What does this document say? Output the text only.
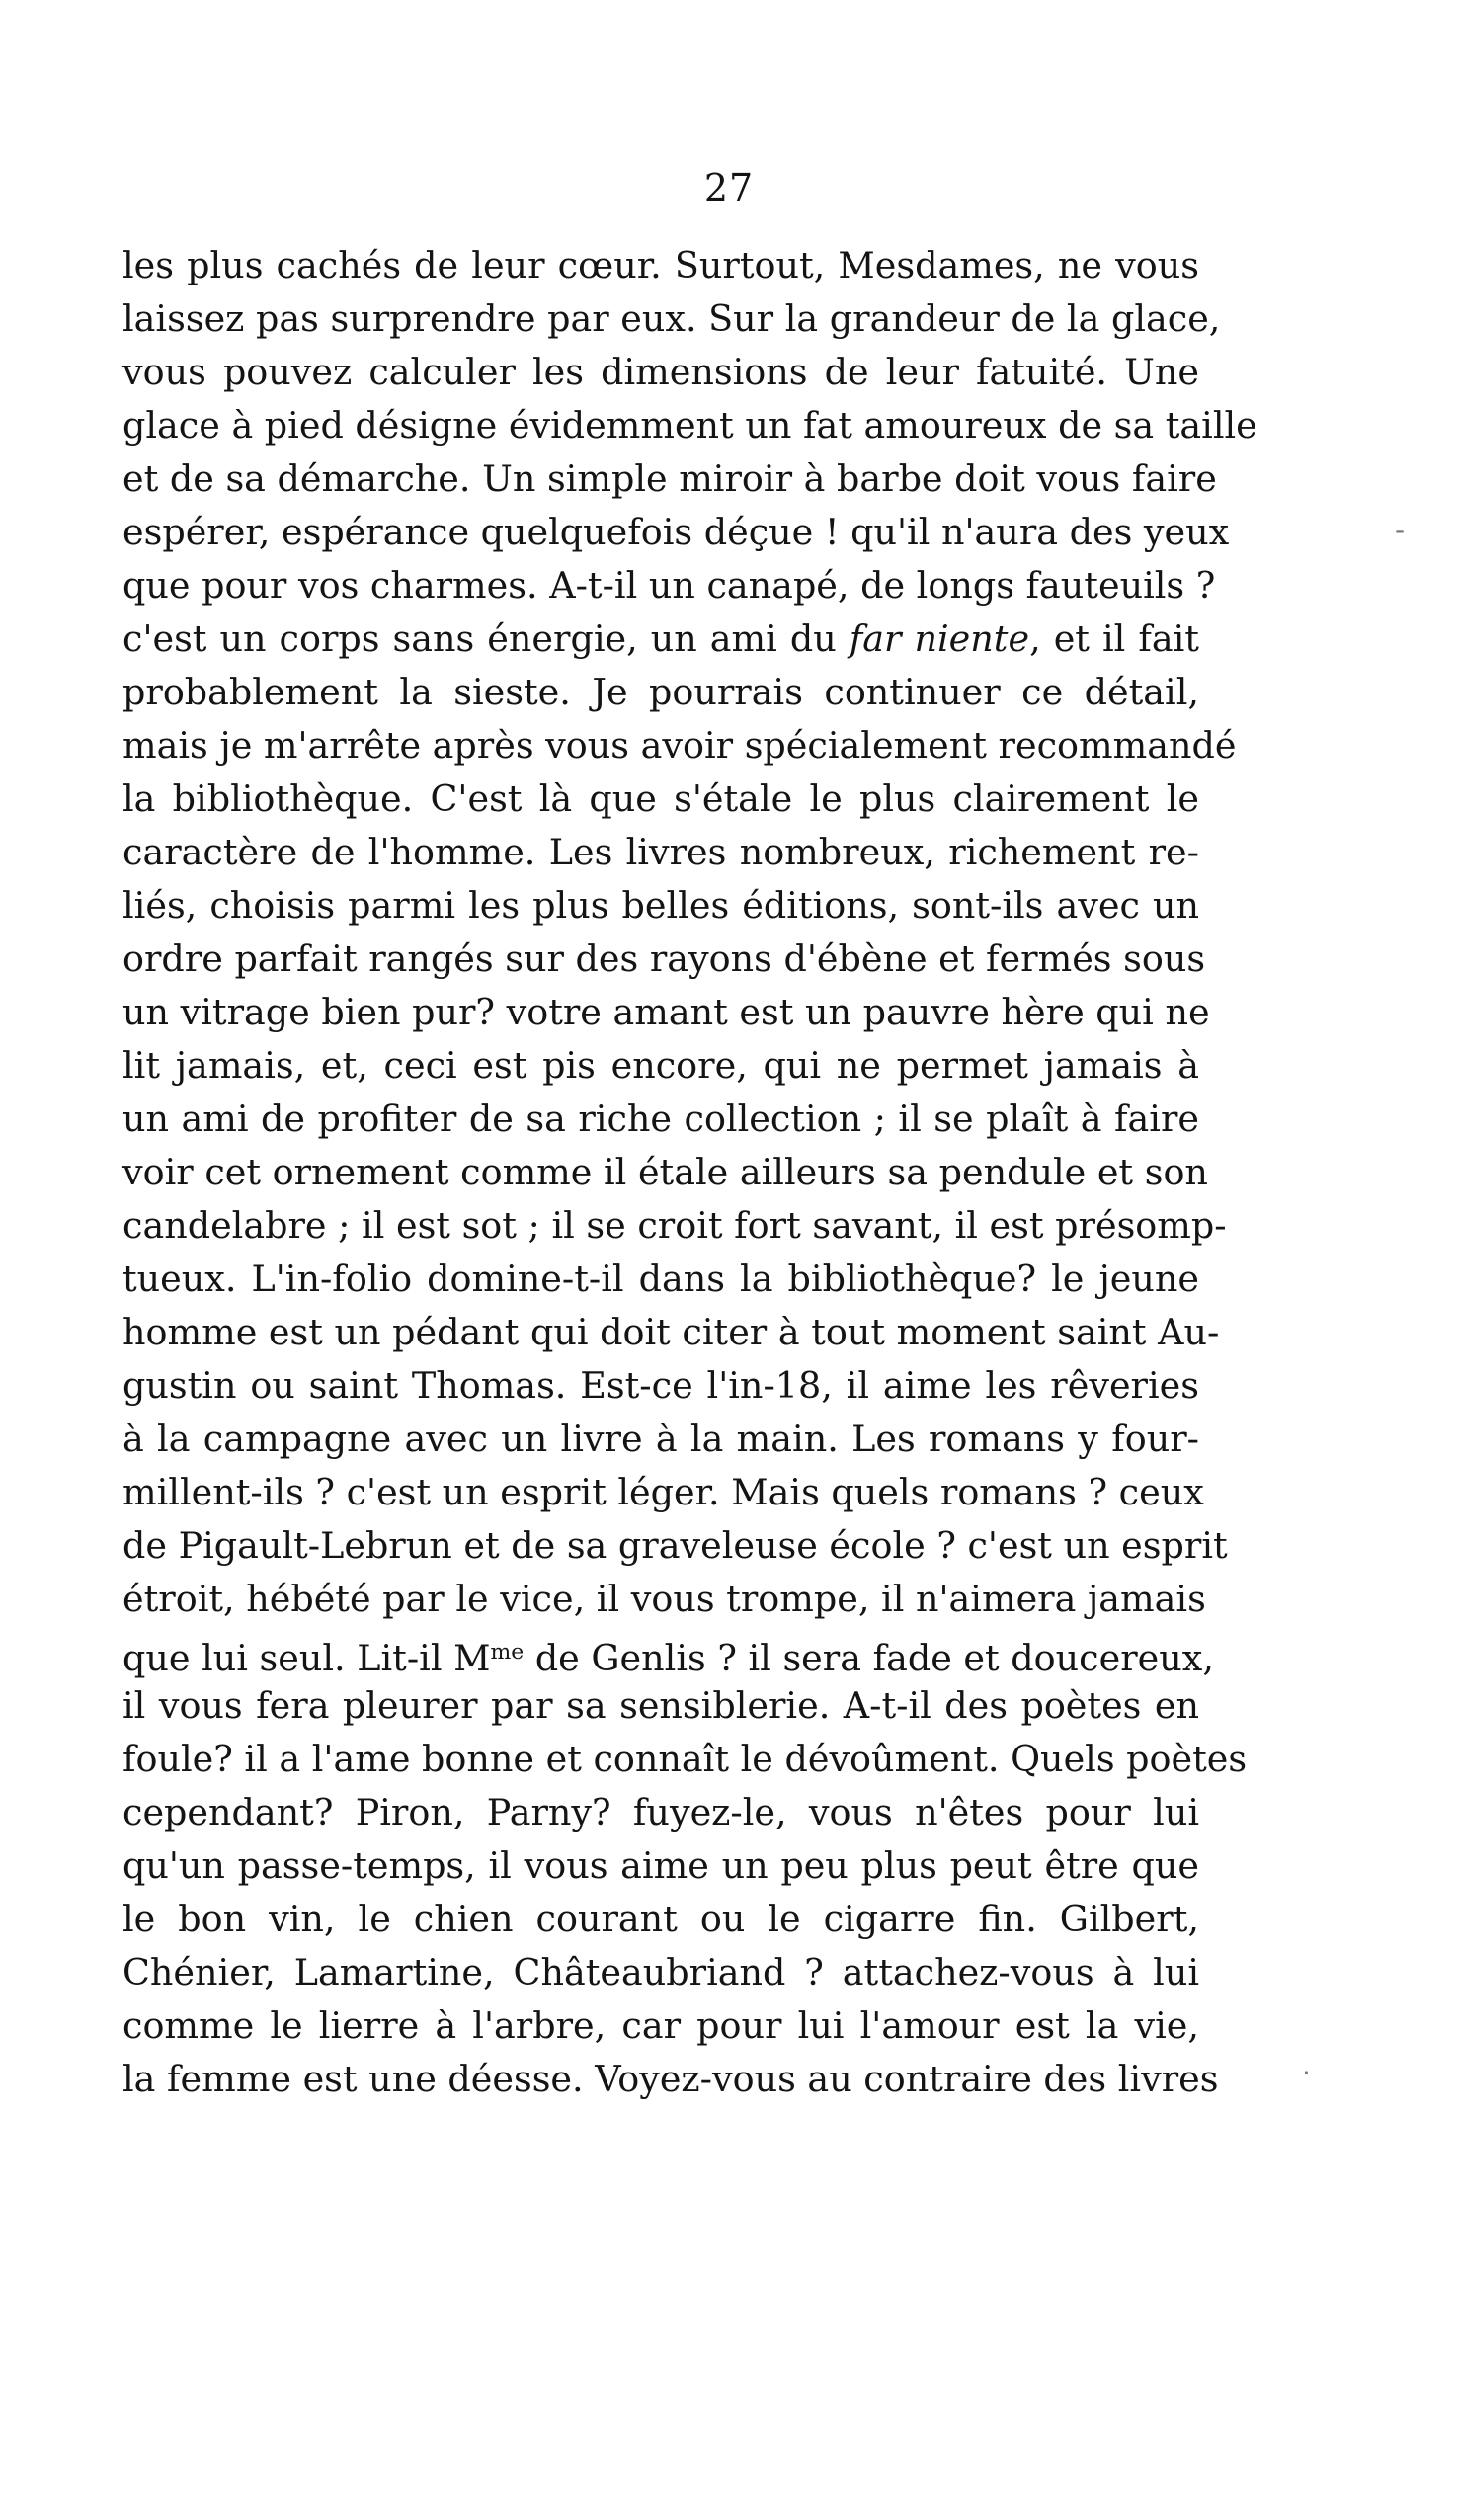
27
les plus cachés de leur cœur. Surtout, Mesdames, ne vous
laissez pas surprendre par eux. Sur la grandeur de la glace,
vous pouvez calculer les dimensions de leur fatuité. Une
glace à pied désigne évidemment un fat amoureux de sa taille
et de sa démarche. Un simple miroir à barbe doit vous faire
espérer, espérance quelquefois déçue ! qu'il n'aura des yeux
que pour vos charmes. A-t-il un canapé, de longs fauteuils ?
c'est un corps sans énergie, un ami du far niente, et il fait
probablement la sieste. Je pourrais continuer ce détail,
mais je m'arrête après vous avoir spécialement recommandé
la bibliothèque. C'est là que s'étale le plus clairement le
caractère de l'homme. Les livres nombreux, richement re-
liés, choisis parmi les plus belles éditions, sont-ils avec un
ordre parfait rangés sur des rayons d'ébène et fermés sous
un vitrage bien pur? votre amant est un pauvre hère qui ne
lit jamais, et, ceci est pis encore, qui ne permet jamais à
un ami de profiter de sa riche collection ; il se plaît à faire
voir cet ornement comme il étale ailleurs sa pendule et son
candelabre ; il est sot ; il se croit fort savant, il est présomp-
tueux. L'in-folio domine-t-il dans la bibliothèque? le jeune
homme est un pédant qui doit citer à tout moment saint Au-
gustin ou saint Thomas. Est-ce l'in-18, il aime les rêveries
à la campagne avec un livre à la main. Les romans y four-
millent-ils ? c'est un esprit léger. Mais quels romans ? ceux
de Pigault-Lebrun et de sa graveleuse école ? c'est un esprit
étroit, hébété par le vice, il vous trompe, il n'aimera jamais
que lui seul. Lit-il $M^{me}$ de Genlis ? il sera fade et doucereux,
il vous fera pleurer par sa sensiblerie. A-t-il des poètes en
foule? il a l'ame bonne et connaît le dévoûment. Quels poètes
cependant? Piron, Parny? fuyez-le, vous n'êtes pour lui
qu'un passe-temps, il vous aime un peu plus peut être que
le bon vin, le chien courant ou le cigarre fin. Gilbert,
Chénier, Lamartine, Châteaubriand ? attachez-vous à lui
comme le lierre à l'arbre, car pour lui l'amour est la vie,
la femme est une déesse. Voyez-vous au contraire des livres
-
·
